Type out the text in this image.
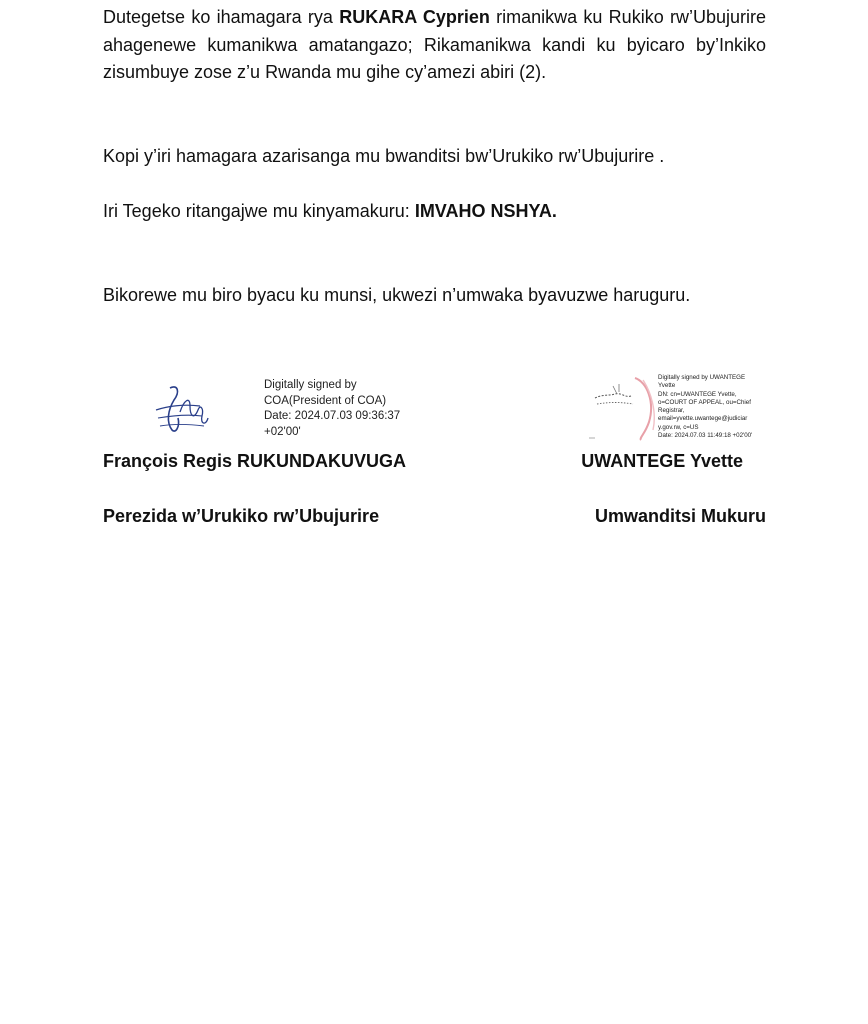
Dutegetse ko ihamagara rya RUKARA Cyprien rimanikwa ku Rukiko rw’Ubujurire ahagenewe kumanikwa amatangazo; Rikamanikwa kandi ku byicaro by’Inkiko zisumbuye zose z’u Rwanda mu gihe cy’amezi abiri (2).

Kopi y’iri hamagara azarisanga mu bwanditsi bw’Urukiko rw’Ubujurire .

Iri Tegeko ritangajwe mu kinyamakuru: IMVAHO NSHYA.

Bikorewe mu biro byacu ku munsi, ukwezi n’umwaka byavuzwe haruguru.

Digitally signed by
COA(President of COA)
Date: 2024.07.03 09:36:37
+02'00'
Digitally signed by UWANTEGE
Yvette
DN: cn=UWANTEGE Yvette,
o=COURT OF APPEAL, ou=Chief
Registrar,
email=yvette.uwantege@judiciar
y.gov.rw, c=US
Date: 2024.07.03 11:49:18 +02'00'
François Regis RUKUNDAKUVUGA	UWANTEGE Yvette
Perezida w’Urukiko rw’Ubujurire	Umwanditsi Mukuru
